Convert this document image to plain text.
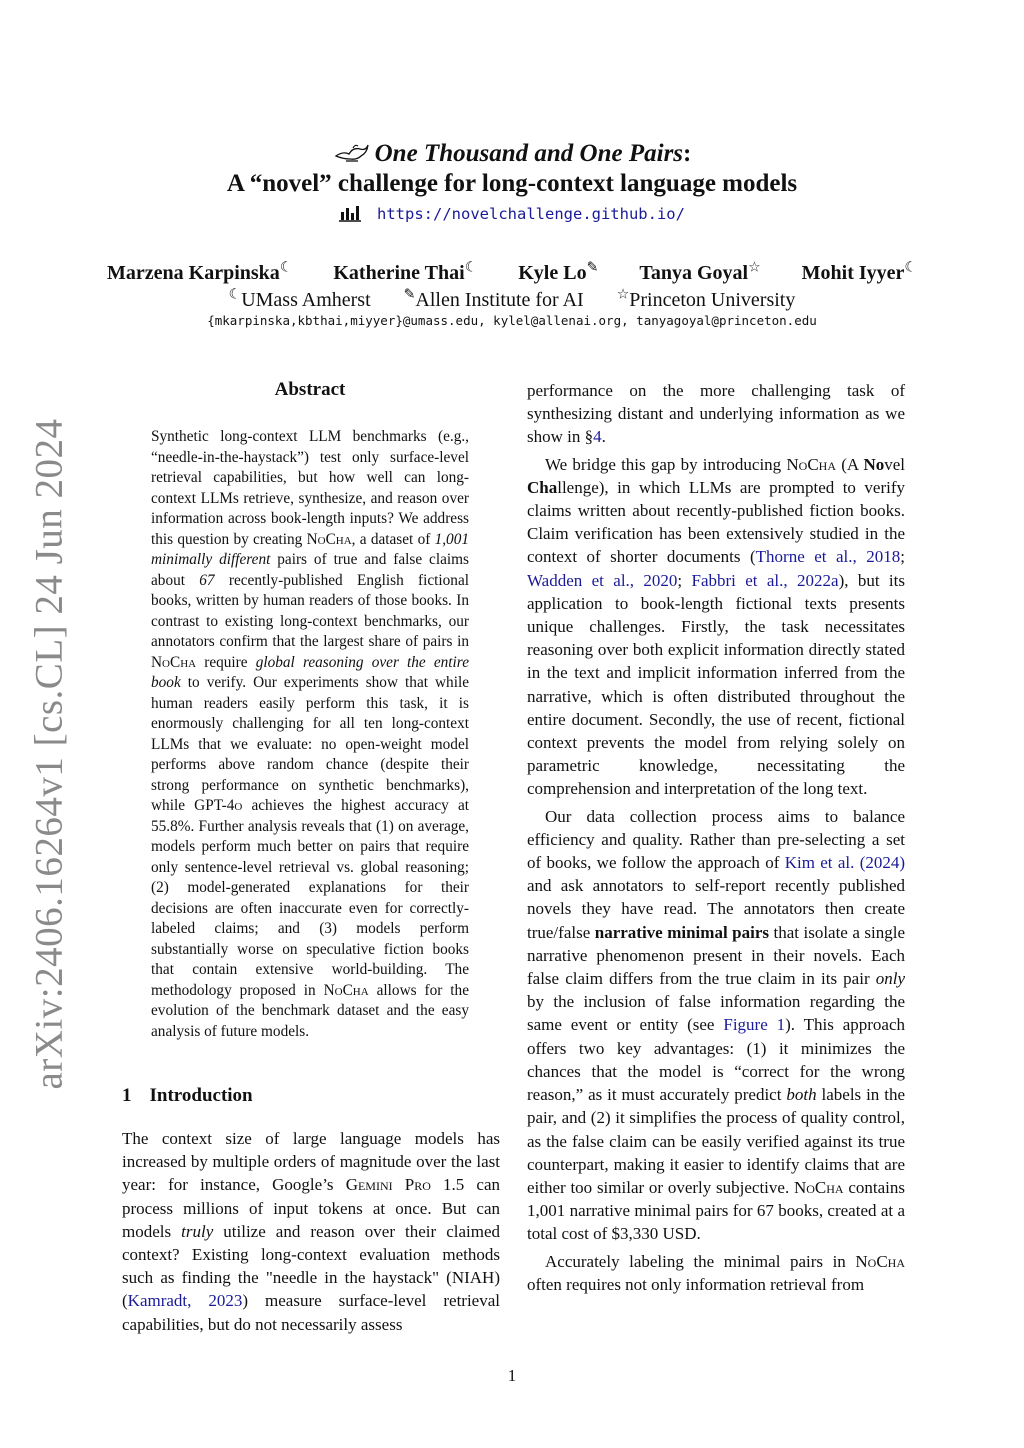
arXiv:2406.16264v1 [cs.CL] 24 Jun 2024
One Thousand and One Pairs:
A “novel” challenge for long-context language models
https://novelchallenge.github.io/
Marzena Karpinska☾ Katherine Thai☾ Kyle Lo✎ Tanya Goyal☆ Mohit Iyyer☾
☾UMass Amherst ✎Allen Institute for AI ☆Princeton University
{mkarpinska,kbthai,miyyer}@umass.edu, kylel@allenai.org, tanyagoyal@princeton.edu
Abstract

Synthetic long-context LLM benchmarks (e.g., “needle-in-the-haystack”) test only surface-level retrieval capabilities, but how well can long-context LLMs retrieve, synthesize, and reason over information across book-length inputs? We address this question by creating NoCha, a dataset of 1,001 minimally different pairs of true and false claims about 67 recently-published English fictional books, written by human readers of those books. In contrast to existing long-context benchmarks, our annotators confirm that the largest share of pairs in NoCha require global reasoning over the entire book to verify. Our experiments show that while human readers easily perform this task, it is enormously challenging for all ten long-context LLMs that we evaluate: no open-weight model performs above random chance (despite their strong performance on synthetic benchmarks), while GPT-4o achieves the highest accuracy at 55.8%. Further analysis reveals that (1) on average, models perform much better on pairs that require only sentence-level retrieval vs. global reasoning; (2) model-generated explanations for their decisions are often inaccurate even for correctly-labeled claims; and (3) models perform substantially worse on speculative fiction books that contain extensive world-building. The methodology proposed in NoCha allows for the evolution of the benchmark dataset and the easy analysis of future models.

1 Introduction

The context size of large language models has increased by multiple orders of magnitude over the last year: for instance, Google’s Gemini Pro 1.5 can process millions of input tokens at once. But can models truly utilize and reason over their claimed context? Existing long-context evaluation methods such as finding the "needle in the haystack" (NIAH) (Kamradt, 2023) measure surface-level retrieval capabilities, but do not necessarily assess

performance on the more challenging task of synthesizing distant and underlying information as we show in §4.

We bridge this gap by introducing NoCha (A Novel Challenge), in which LLMs are prompted to verify claims written about recently-published fiction books. Claim verification has been extensively studied in the context of shorter documents (Thorne et al., 2018; Wadden et al., 2020; Fabbri et al., 2022a), but its application to book-length fictional texts presents unique challenges. Firstly, the task necessitates reasoning over both explicit information directly stated in the text and implicit information inferred from the narrative, which is often distributed throughout the entire document. Secondly, the use of recent, fictional context prevents the model from relying solely on parametric knowledge, necessitating the comprehension and interpretation of the long text.

Our data collection process aims to balance efficiency and quality. Rather than pre-selecting a set of books, we follow the approach of Kim et al. (2024) and ask annotators to self-report recently published novels they have read. The annotators then create true/false narrative minimal pairs that isolate a single narrative phenomenon present in their novels. Each false claim differs from the true claim in its pair only by the inclusion of false information regarding the same event or entity (see Figure 1). This approach offers two key advantages: (1) it minimizes the chances that the model is “correct for the wrong reason,” as it must accurately predict both labels in the pair, and (2) it simplifies the process of quality control, as the false claim can be easily verified against its true counterpart, making it easier to identify claims that are either too similar or overly subjective. NoCha contains 1,001 narrative minimal pairs for 67 books, created at a total cost of $3,330 USD.

Accurately labeling the minimal pairs in NoCha often requires not only information retrieval from

1
